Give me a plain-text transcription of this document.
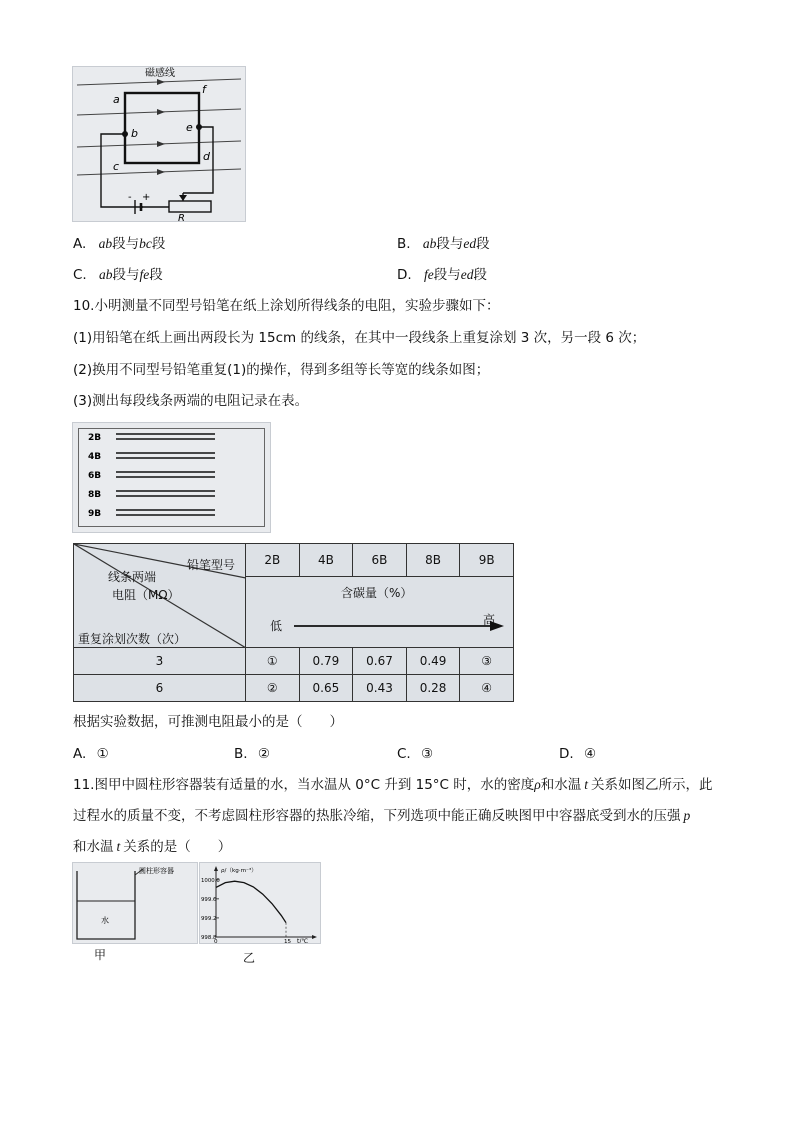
磁感线
a
b
c
d
e
f
- +
R
A. ab段与bc段	B. ab段与ed段
C. ab段与fe段	D. fe段与ed段
10.小明测量不同型号铅笔在纸上涂划所得线条的电阻，实验步骤如下：
(1)用铅笔在纸上画出两段长为 15cm 的线条，在其中一段线条上重复涂划 3 次，另一段 6 次；
(2)换用不同型号铅笔重复(1)的操作，得到多组等长等宽的线条如图；
(3)测出每段线条两端的电阻记录在表。
2B
4B
6B
8B
9B
铅笔型号
线条两端
电阻（MΩ）
重复涂划次数（次）	2B	4B	6B	8B	9B

	含碳量（%）
低 高				

3	①	0.79	0.67	0.49	③
6	②	0.65	0.43	0.28	④
根据实验数据，可推测电阻最小的是（　　）
A. ①	B. ②	C. ③	D. ④
11.图甲中圆柱形容器装有适量的水，当水温从 0°C 升到 15°C 时，水的密度ρ和水温 t 关系如图乙所示，此
过程水的质量不变，不考虑圆柱形容器的热胀冷缩，下列选项中能正确反映图甲中容器底受到水的压强 p
和水温 t 关系的是（　　）
圆柱形容器
水
甲
1000.0
999.6
999.2
998.8
0	15
ρ/（kg·m⁻³）
t/℃
乙
